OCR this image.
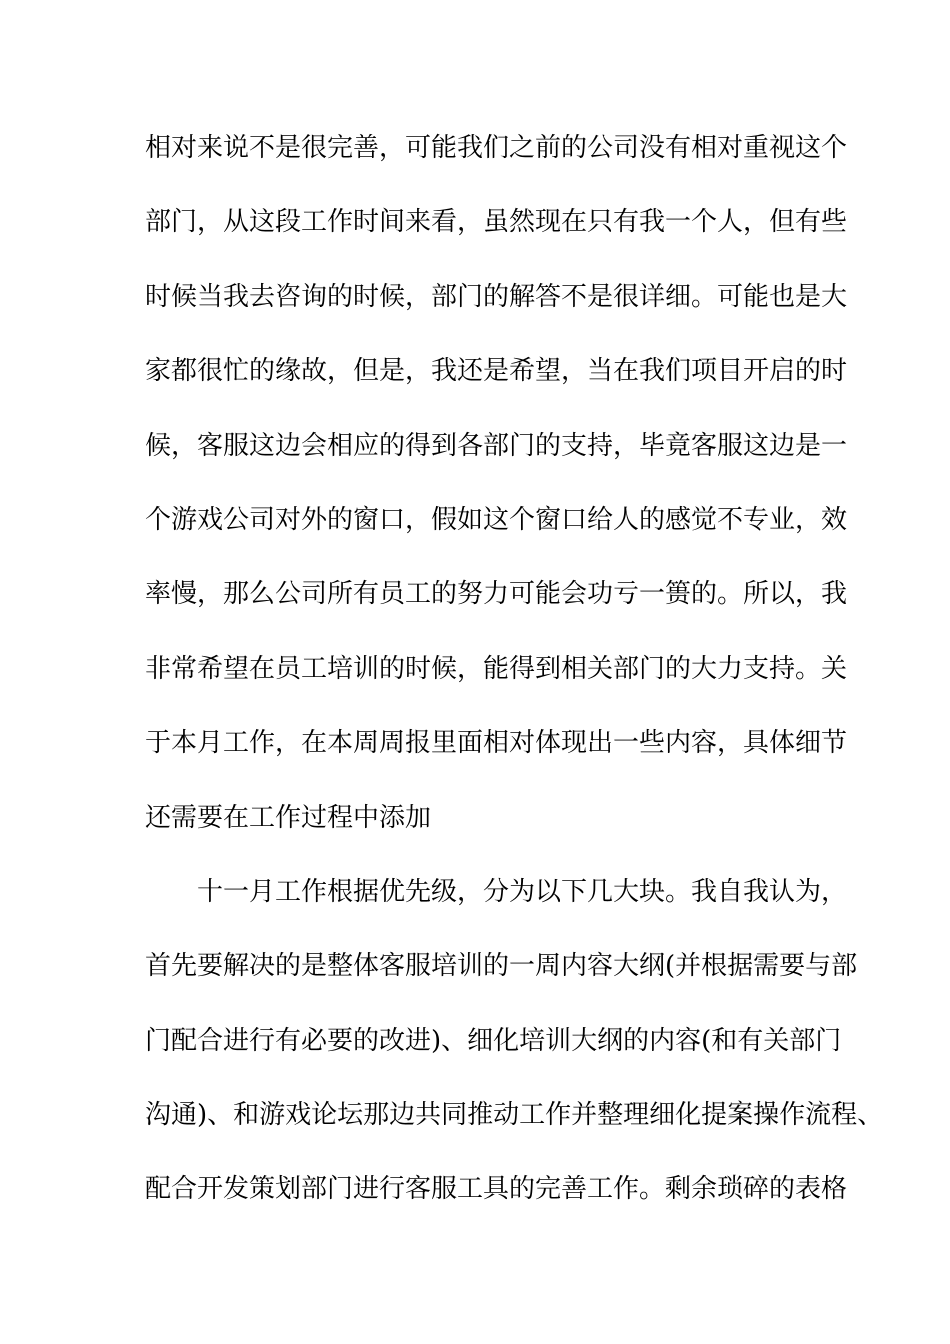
相对来说不是很完善，可能我们之前的公司没有相对重视这个
部门，从这段工作时间来看，虽然现在只有我一个人，但有些
时候当我去咨询的时候，部门的解答不是很详细。可能也是大
家都很忙的缘故，但是，我还是希望，当在我们项目开启的时
候，客服这边会相应的得到各部门的支持，毕竟客服这边是一
个游戏公司对外的窗口，假如这个窗口给人的感觉不专业，效
率慢，那么公司所有员工的努力可能会功亏一篑的。所以，我
非常希望在员工培训的时候，能得到相关部门的大力支持。关
于本月工作，在本周周报里面相对体现出一些内容，具体细节
还需要在工作过程中添加
十一月工作根据优先级，分为以下几大块。我自我认为，
首先要解决的是整体客服培训的一周内容大纲(并根据需要与部
门配合进行有必要的改进)、细化培训大纲的内容(和有关部门
沟通)、和游戏论坛那边共同推动工作并整理细化提案操作流程、
配合开发策划部门进行客服工具的完善工作。剩余琐碎的表格
